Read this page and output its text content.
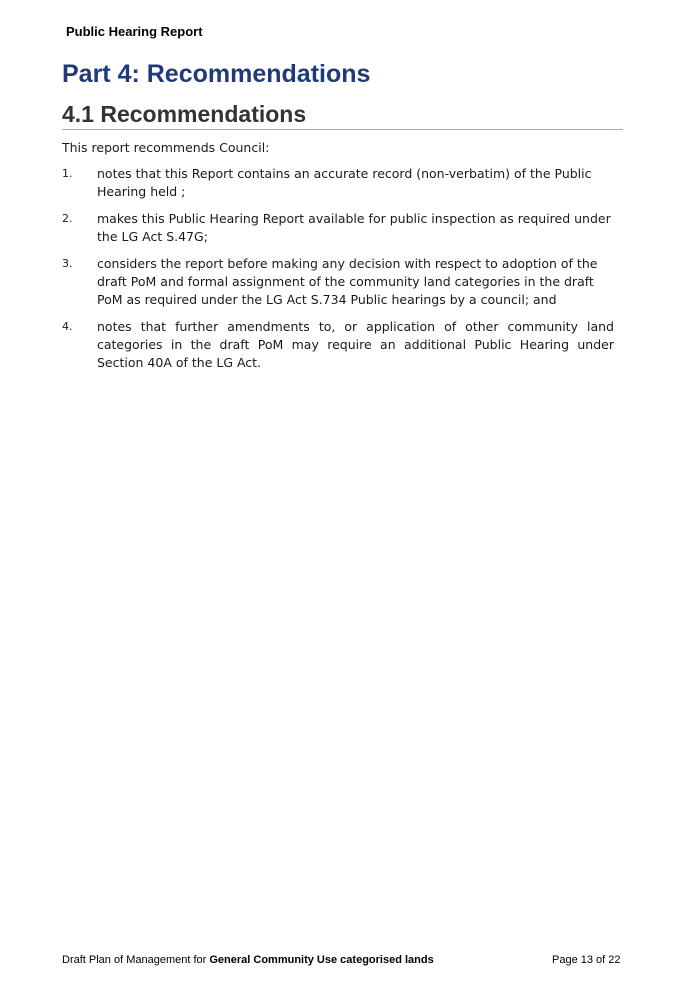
Public Hearing Report
Part 4: Recommendations
4.1 Recommendations

This report recommends Council:

1.	notes that this Report contains an accurate record (non-verbatim) of the Public Hearing held ;
2.	makes this Public Hearing Report available for public inspection as required under the LG Act S.47G;
3.	considers the report before making any decision with respect to adoption of the draft PoM and formal assignment of the community land categories in the draft PoM as required under the LG Act S.734 Public hearings by a council; and
4.	notes that further amendments to, or application of other community land categories in the draft PoM may require an additional Public Hearing under Section 40A of the LG Act.
Draft Plan of Management for General Community Use categorised lands	Page 13 of 22
